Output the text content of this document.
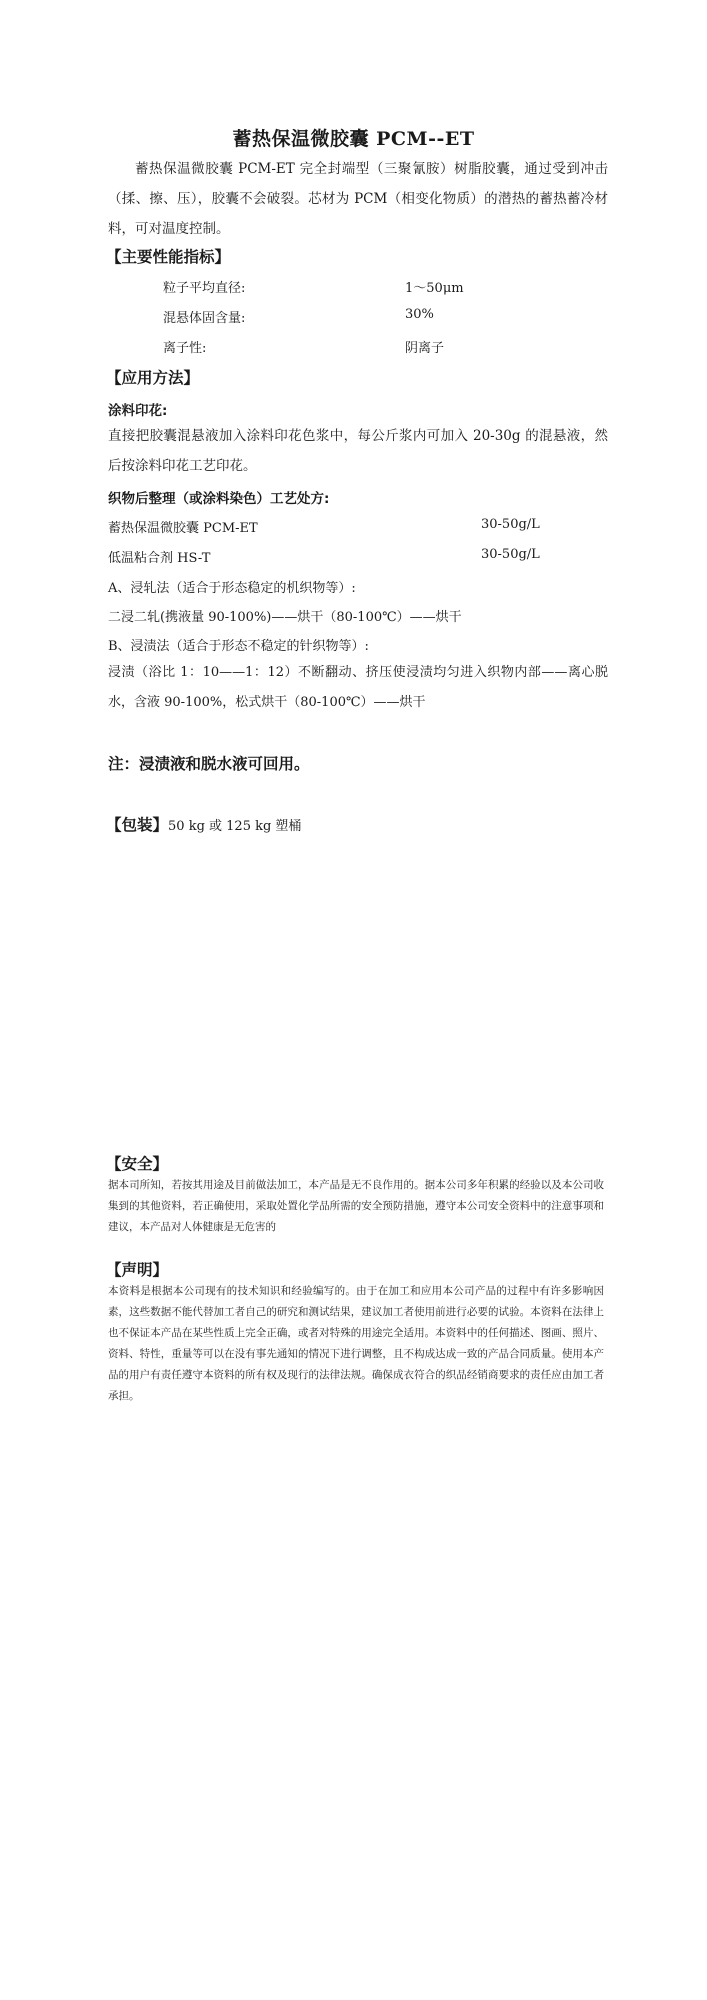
蓄热保温微胶囊 PCM--ET
蓄热保温微胶囊 PCM-ET 完全封端型（三聚氰胺）树脂胶囊，通过受到冲击（揉、擦、压），胶囊不会破裂。芯材为 PCM（相变化物质）的潜热的蓄热蓄冷材料，可对温度控制。
【主要性能指标】
粒子平均直径:	1～50μm
混悬体固含量:	30%
离子性:	阴离子
【应用方法】
涂料印花:
直接把胶囊混悬液加入涂料印花色浆中，每公斤浆内可加入 20-30g 的混悬液，然后按涂料印花工艺印花。
织物后整理（或涂料染色）工艺处方:
蓄热保温微胶囊 PCM-ET	30-50g/L
低温粘合剂 HS-T	30-50g/L
A、浸轧法（适合于形态稳定的机织物等）:
二浸二轧(携液量 90-100%)——烘干（80-100℃）——烘干
B、浸渍法（适合于形态不稳定的针织物等）:
浸渍（浴比 1：10——1：12）不断翻动、挤压使浸渍均匀进入织物内部——离心脱水，含液 90-100%，松式烘干（80-100℃）——烘干
注：浸渍液和脱水液可回用。
【包装】50 kg 或 125 kg 塑桶
【安全】
据本司所知，若按其用途及目前做法加工，本产品是无不良作用的。据本公司多年积累的经验以及本公司收集到的其他资料，若正确使用，采取处置化学品所需的安全预防措施，遵守本公司安全资料中的注意事项和建议，本产品对人体健康是无危害的
【声明】
本资料是根据本公司现有的技术知识和经验编写的。由于在加工和应用本公司产品的过程中有许多影响因素，这些数据不能代替加工者自己的研究和测试结果，建议加工者使用前进行必要的试验。本资料在法律上也不保证本产品在某些性质上完全正确，或者对特殊的用途完全适用。本资料中的任何描述、图画、照片、资料、特性，重量等可以在没有事先通知的情况下进行调整，且不构成达成一致的产品合同质量。使用本产品的用户有责任遵守本资料的所有权及现行的法律法规。确保成衣符合的织品经销商要求的责任应由加工者承担。
